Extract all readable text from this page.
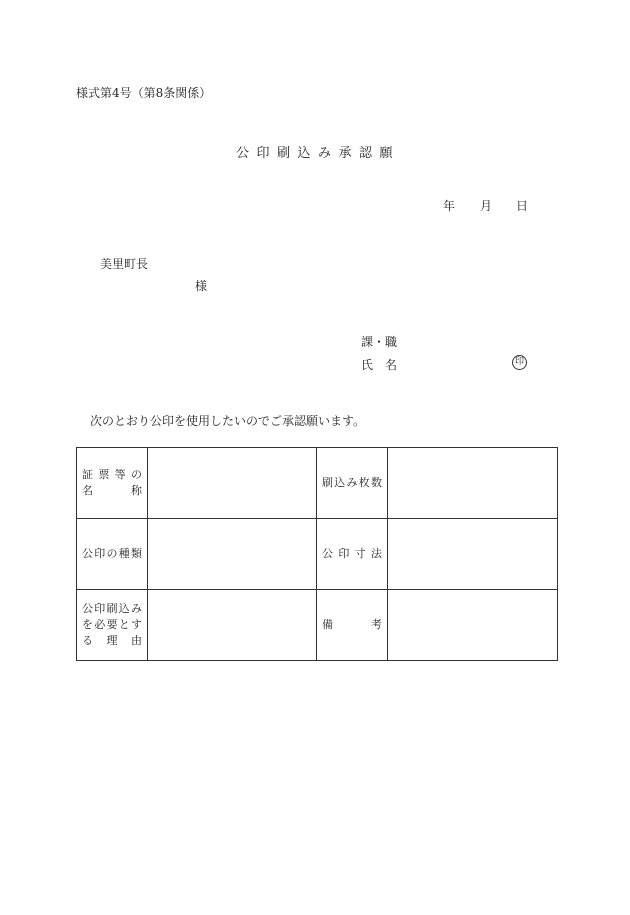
様式第4号（第8条関係）
公印刷込み承認願
年 月 日
美里町長
様
課・職
氏　名	印
次のとおり公印を使用したいのでご承認願います。
証票等の
名　　称		刷込み枚数	
公印の種類		公印寸法	

公印刷込み
を必要とす
る 理 由		備　　考	
